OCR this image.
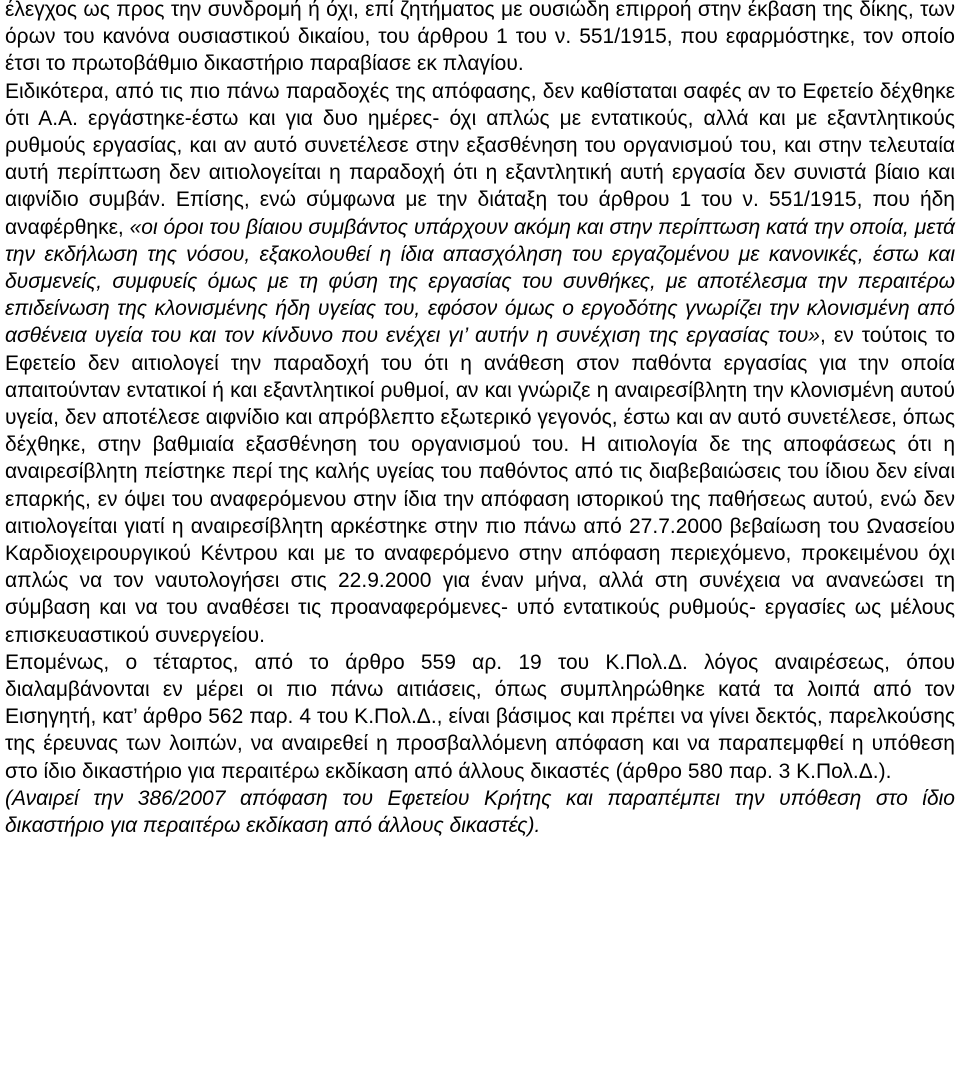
έλεγχος ως προς την συνδρομή ή όχι, επί ζητήματος με ουσιώδη επιρροή στην έκβαση της δίκης, των όρων του κανόνα ουσιαστικού δικαίου, του άρθρου 1 του ν. 551/1915, που εφαρμόστηκε, τον οποίο έτσι το πρωτοβάθμιο δικαστήριο παραβίασε εκ πλαγίου.

Ειδικότερα, από τις πιο πάνω παραδοχές της απόφασης, δεν καθίσταται σαφές αν το Εφετείο δέχθηκε ότι Α.Α. εργάστηκε-έστω και για δυο ημέρες- όχι απλώς με εντατικούς, αλλά και με εξαντλητικούς ρυθμούς εργασίας, και αν αυτό συνετέλεσε στην εξασθένηση του οργανισμού του, και στην τελευταία αυτή περίπτωση δεν αιτιολογείται η παραδοχή ότι η εξαντλητική αυτή εργασία δεν συνιστά βίαιο και αιφνίδιο συμβάν. Επίσης, ενώ σύμφωνα με την διάταξη του άρθρου 1 του ν. 551/1915, που ήδη αναφέρθηκε, «οι όροι του βίαιου συμβάντος υπάρχουν ακόμη και στην περίπτωση κατά την οποία, μετά την εκδήλωση της νόσου, εξακολουθεί η ίδια απασχόληση του εργαζομένου με κανονικές, έστω και δυσμενείς, συμφυείς όμως με τη φύση της εργασίας του συνθήκες, με αποτέλεσμα την περαιτέρω επιδείνωση της κλονισμένης ήδη υγείας του, εφόσον όμως ο εργοδότης γνωρίζει την κλονισμένη από ασθένεια υγεία του και τον κίνδυνο που ενέχει γι’ αυτήν η συνέχιση της εργασίας του», εν τούτοις το Εφετείο δεν αιτιολογεί την παραδοχή του ότι η ανάθεση στον παθόντα εργασίας για την οποία απαιτούνταν εντατικοί ή και εξαντλητικοί ρυθμοί, αν και γνώριζε η αναιρεσίβλητη την κλονισμένη αυτού υγεία, δεν αποτέλεσε αιφνίδιο και απρόβλεπτο εξωτερικό γεγονός, έστω και αν αυτό συνετέλεσε, όπως δέχθηκε, στην βαθμιαία εξασθένηση του οργανισμού του. Η αιτιολογία δε της αποφάσεως ότι η αναιρεσίβλητη πείστηκε περί της καλής υγείας του παθόντος από τις διαβεβαιώσεις του ίδιου δεν είναι επαρκής, εν όψει του αναφερόμενου στην ίδια την απόφαση ιστορικού της παθήσεως αυτού, ενώ δεν αιτιολογείται γιατί η αναιρεσίβλητη αρκέστηκε στην πιο πάνω από 27.7.2000 βεβαίωση του Ωνασείου Καρδιοχειρουργικού Κέντρου και με το αναφερόμενο στην απόφαση περιεχόμενο, προκειμένου όχι απλώς να τον ναυτολογήσει στις 22.9.2000 για έναν μήνα, αλλά στη συνέχεια να ανανεώσει τη σύμβαση και να του αναθέσει τις προαναφερόμενες- υπό εντατικούς ρυθμούς- εργασίες ως μέλους επισκευαστικού συνεργείου.

Επομένως, ο τέταρτος, από το άρθρο 559 αρ. 19 του Κ.Πολ.Δ. λόγος αναιρέσεως, όπου διαλαμβάνονται εν μέρει οι πιο πάνω αιτιάσεις, όπως συμπληρώθηκε κατά τα λοιπά από τον Εισηγητή, κατ’ άρθρο 562 παρ. 4 του Κ.Πολ.Δ., είναι βάσιμος και πρέπει να γίνει δεκτός, παρελκούσης της έρευνας των λοιπών, να αναιρεθεί η προσβαλλόμενη απόφαση και να παραπεμφθεί η υπόθεση στο ίδιο δικαστήριο για περαιτέρω εκδίκαση από άλλους δικαστές (άρθρο 580 παρ. 3 Κ.Πολ.Δ.).

(Αναιρεί την 386/2007 απόφαση του Εφετείου Κρήτης και παραπέμπει την υπόθεση στο ίδιο δικαστήριο για περαιτέρω εκδίκαση από άλλους δικαστές).
